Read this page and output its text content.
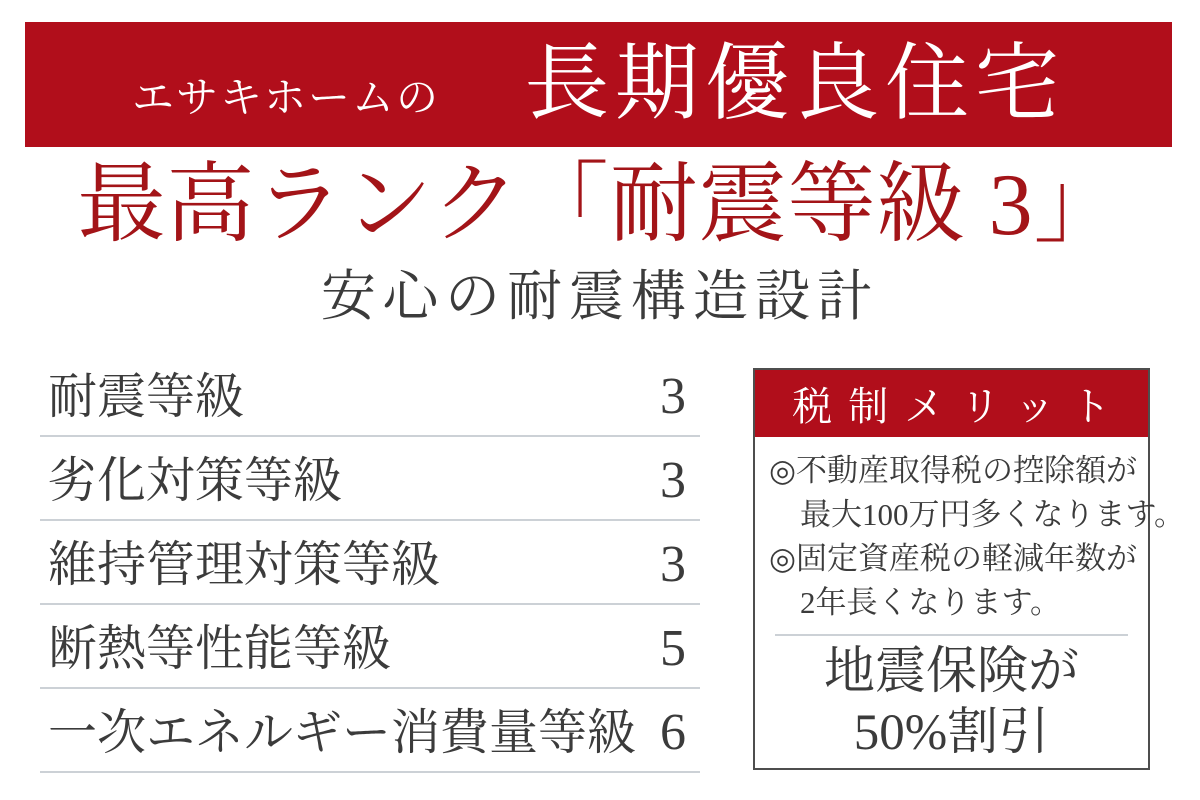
エサキホームの 長期優良住宅
最高ランク「耐震等級 3」
安心の耐震構造設計
耐震等級	3
劣化対策等級	3
維持管理対策等級	3
断熱等性能等級	5
一次エネルギー消費量等級 6
税制メリット
◎不動産取得税の控除額が
最大100万円多くなります。
◎固定資産税の軽減年数が
2年長くなります。
地震保険が
50%割引
